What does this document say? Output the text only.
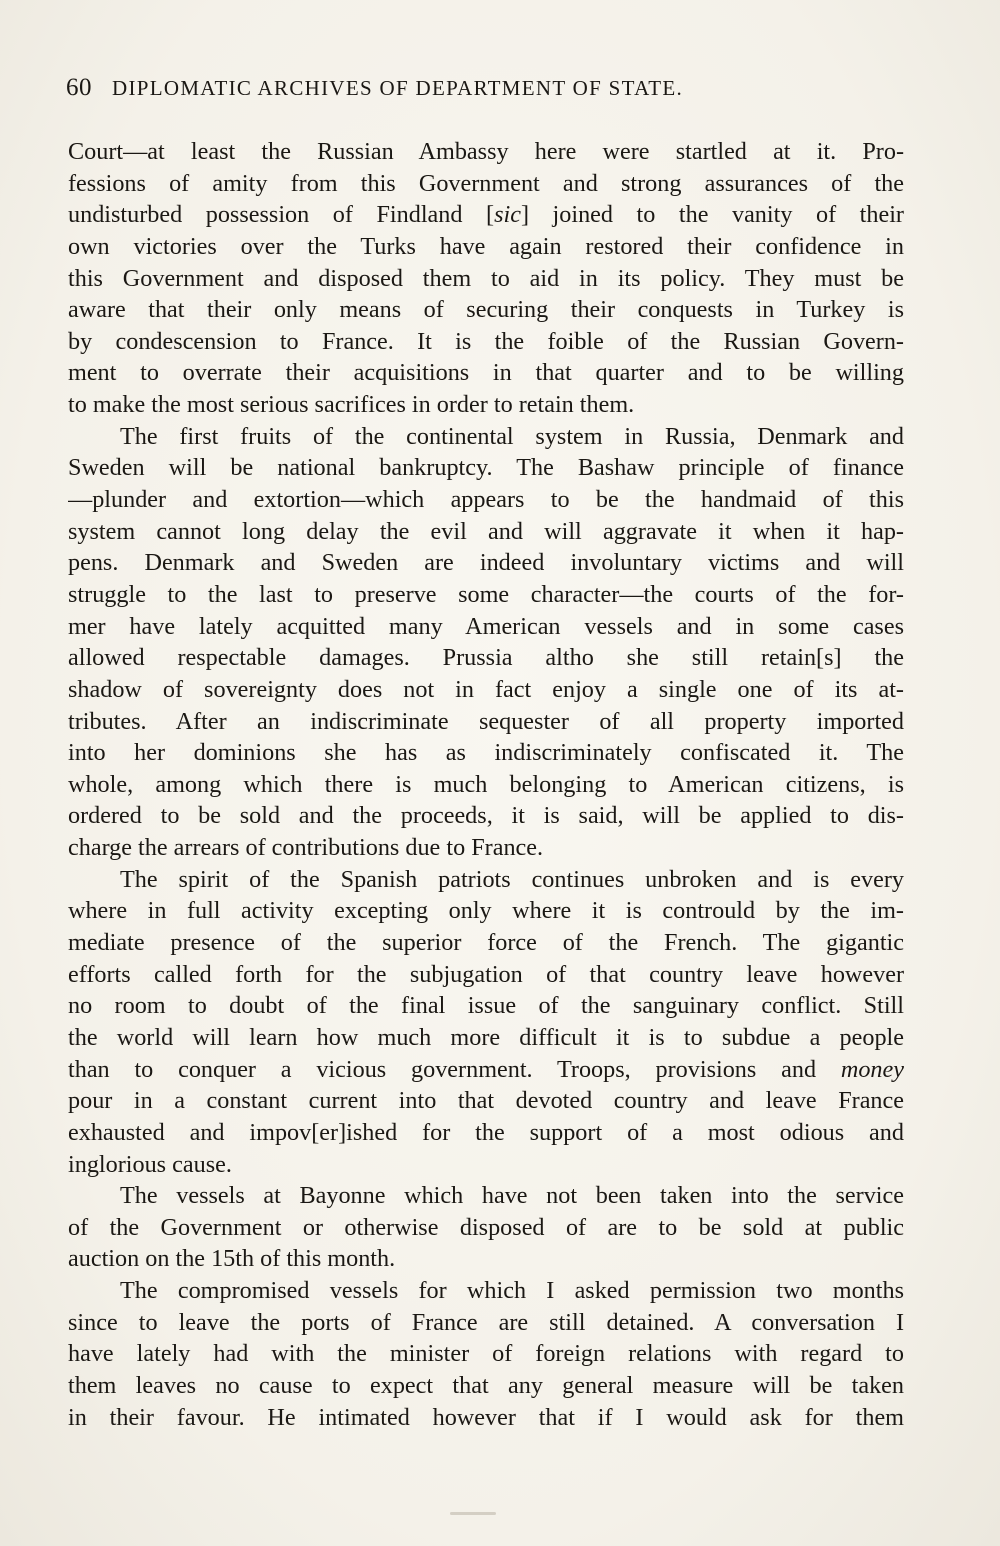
60 DIPLOMATIC ARCHIVES OF DEPARTMENT OF STATE.
Court—at least the Russian Ambassy here were startled at it. Pro-
fessions of amity from this Government and strong assurances of the
undisturbed possession of Findland [sic] joined to the vanity of their
own victories over the Turks have again restored their confidence in
this Government and disposed them to aid in its policy. They must be
aware that their only means of securing their conquests in Turkey is
by condescension to France. It is the foible of the Russian Govern-
ment to overrate their acquisitions in that quarter and to be willing
to make the most serious sacrifices in order to retain them.
The first fruits of the continental system in Russia, Denmark and
Sweden will be national bankruptcy. The Bashaw principle of finance
—plunder and extortion—which appears to be the handmaid of this
system cannot long delay the evil and will aggravate it when it hap-
pens. Denmark and Sweden are indeed involuntary victims and will
struggle to the last to preserve some character—the courts of the for-
mer have lately acquitted many American vessels and in some cases
allowed respectable damages. Prussia altho she still retain[s] the
shadow of sovereignty does not in fact enjoy a single one of its at-
tributes. After an indiscriminate sequester of all property imported
into her dominions she has as indiscriminately confiscated it. The
whole, among which there is much belonging to American citizens, is
ordered to be sold and the proceeds, it is said, will be applied to dis-
charge the arrears of contributions due to France.
The spirit of the Spanish patriots continues unbroken and is every
where in full activity excepting only where it is contrould by the im-
mediate presence of the superior force of the French. The gigantic
efforts called forth for the subjugation of that country leave however
no room to doubt of the final issue of the sanguinary conflict. Still
the world will learn how much more difficult it is to subdue a people
than to conquer a vicious government. Troops, provisions and money
pour in a constant current into that devoted country and leave France
exhausted and impov[er]ished for the support of a most odious and
inglorious cause.
The vessels at Bayonne which have not been taken into the service
of the Government or otherwise disposed of are to be sold at public
auction on the 15th of this month.
The compromised vessels for which I asked permission two months
since to leave the ports of France are still detained. A conversation I
have lately had with the minister of foreign relations with regard to
them leaves no cause to expect that any general measure will be taken
in their favour. He intimated however that if I would ask for them
